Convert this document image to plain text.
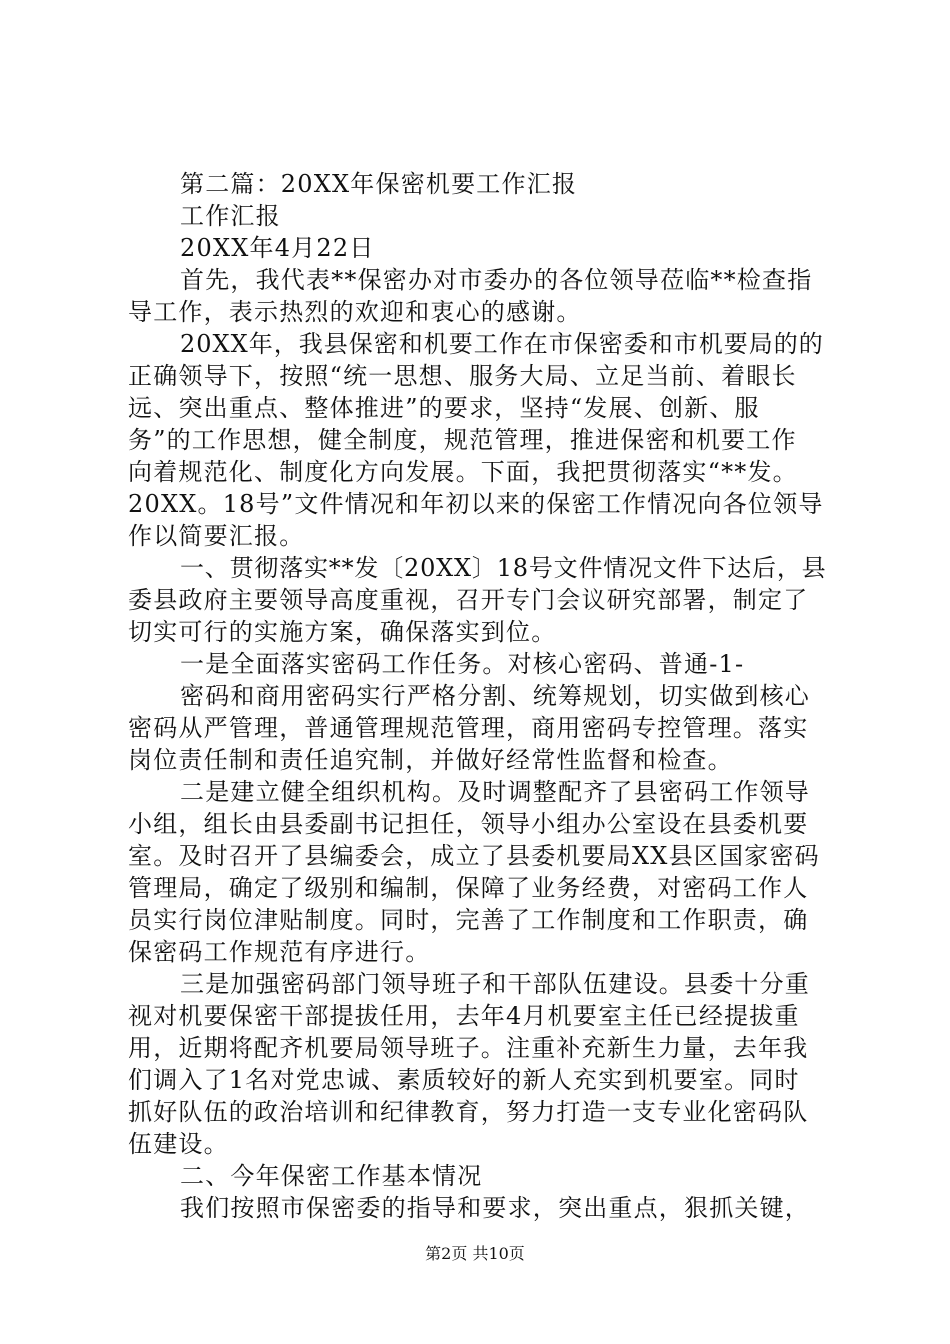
第二篇：20XX年保密机要工作汇报
工作汇报
20XX年4月22日
首先，我代表**保密办对市委办的各位领导莅临**检查指
导工作，表示热烈的欢迎和衷心的感谢。
20XX年，我县保密和机要工作在市保密委和市机要局的的
正确领导下，按照“统一思想、服务大局、立足当前、着眼长
远、突出重点、整体推进”的要求，坚持“发展、创新、服
务”的工作思想，健全制度，规范管理，推进保密和机要工作
向着规范化、制度化方向发展。下面，我把贯彻落实“**发。
20XX。18号”文件情况和年初以来的保密工作情况向各位领导
作以简要汇报。
一、贯彻落实**发〔20XX〕18号文件情况文件下达后，县
委县政府主要领导高度重视，召开专门会议研究部署，制定了
切实可行的实施方案，确保落实到位。
一是全面落实密码工作任务。对核心密码、普通-1-
密码和商用密码实行严格分割、统筹规划，切实做到核心
密码从严管理，普通管理规范管理，商用密码专控管理。落实
岗位责任制和责任追究制，并做好经常性监督和检查。
二是建立健全组织机构。及时调整配齐了县密码工作领导
小组，组长由县委副书记担任，领导小组办公室设在县委机要
室。及时召开了县编委会，成立了县委机要局XX县区国家密码
管理局，确定了级别和编制，保障了业务经费，对密码工作人
员实行岗位津贴制度。同时，完善了工作制度和工作职责，确
保密码工作规范有序进行。
三是加强密码部门领导班子和干部队伍建设。县委十分重
视对机要保密干部提拔任用，去年4月机要室主任已经提拔重
用，近期将配齐机要局领导班子。注重补充新生力量，去年我
们调入了1名对党忠诚、素质较好的新人充实到机要室。同时
抓好队伍的政治培训和纪律教育，努力打造一支专业化密码队
伍建设。
二、今年保密工作基本情况
我们按照市保密委的指导和要求，突出重点，狠抓关键，
第2页 共10页
